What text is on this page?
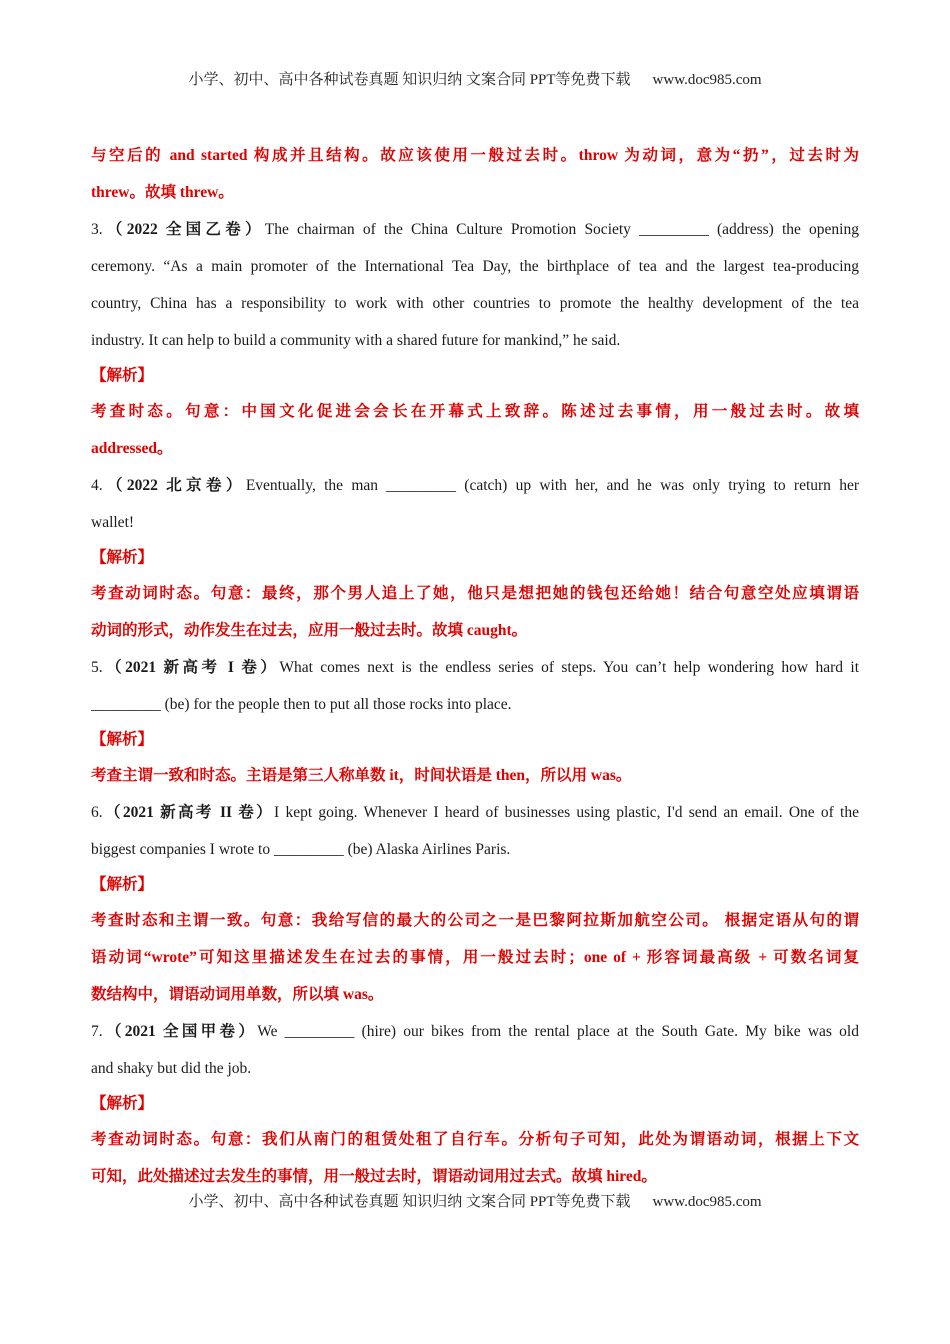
小学、初中、高中各种试卷真题 知识归纳 文案合同 PPT等免费下载 www.doc985.com
与空后的 and started 构成并且结构。故应该使用一般过去时。throw 为动词，意为“扔”，过去时为
threw。故填 threw。
3.（2022 全国乙卷）The chairman of the China Culture Promotion Society _________ (address) the opening
ceremony. “As a main promoter of the International Tea Day, the birthplace of tea and the largest tea-producing
country, China has a responsibility to work with other countries to promote the healthy development of the tea
industry. It can help to build a community with a shared future for mankind,” he said.
【解析】
考查时态。句意：中国文化促进会会长在开幕式上致辞。陈述过去事情，用一般过去时。故填
addressed。
4.（2022 北京卷）Eventually, the man _________ (catch) up with her, and he was only trying to return her
wallet!
【解析】
考查动词时态。句意：最终，那个男人追上了她，他只是想把她的钱包还给她！结合句意空处应填谓语
动词的形式，动作发生在过去，应用一般过去时。故填 caught。
5.（2021 新高考 I 卷）What comes next is the endless series of steps. You can’t help wondering how hard it
_________ (be) for the people then to put all those rocks into place.
【解析】
考查主谓一致和时态。主语是第三人称单数 it，时间状语是 then，所以用 was。
6.（2021 新高考 II 卷）I kept going. Whenever I heard of businesses using plastic, I'd send an email. One of the
biggest companies I wrote to _________ (be) Alaska Airlines Paris.
【解析】
考查时态和主谓一致。句意：我给写信的最大的公司之一是巴黎阿拉斯加航空公司。 根据定语从句的谓
语动词“wrote”可知这里描述发生在过去的事情，用一般过去时；one of + 形容词最高级 + 可数名词复
数结构中，谓语动词用单数，所以填 was。
7.（2021 全国甲卷）We _________ (hire) our bikes from the rental place at the South Gate. My bike was old
and shaky but did the job.
【解析】
考查动词时态。句意：我们从南门的租赁处租了自行车。分析句子可知，此处为谓语动词，根据上下文
可知，此处描述过去发生的事情，用一般过去时，谓语动词用过去式。故填 hired。
小学、初中、高中各种试卷真题 知识归纳 文案合同 PPT等免费下载 www.doc985.com
